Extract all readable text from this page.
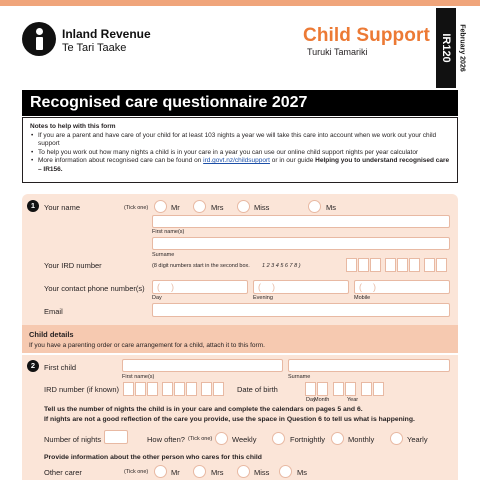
Inland Revenue
Te Tari Taake
Child Support
Turuki Tamariki	IR120 February 2026
Recognised care questionnaire 2027
Notes to help with this form
• If you are a parent and have care of your child for at least 103 nights a year we will take this care into account when we work out your child support
• To help you work out how many nights a child is in your care in a year you can use our online child support nights per year calculator
• More information about recognised care can be found on ird.govt.nz/childsupport or in our guide Helping you to understand recognised care – IR156.
1	Your name	(Tick one)	Mr	Mrs	Miss	Ms
First name(s)
Surname
Your IRD number	(8 digit numbers start in the second box. 1 2 3 4 5 6 7 8 )
Your contact phone number(s)
( )
Day
( )	Evening
( )	Mobile
Email
Child details
If you have a parenting order or care arrangement for a child, attach it to this form.
2	First child
First name(s)	Surname
IRD number (if known)	Date of birth
Day
Month	Year
Tell us the number of nights the child is in your care and complete the calendars on pages 5 and 6.
If nights are not a good reflection of the care you provide, use the space in Question 6 to tell us what is happening.
Number of nights	How often? (Tick one)	Weekly	Fortnightly	Monthly	Yearly
Provide information about the other person who cares for this child
Other carer	(Tick one)	Mr	Mrs	Miss	Ms
